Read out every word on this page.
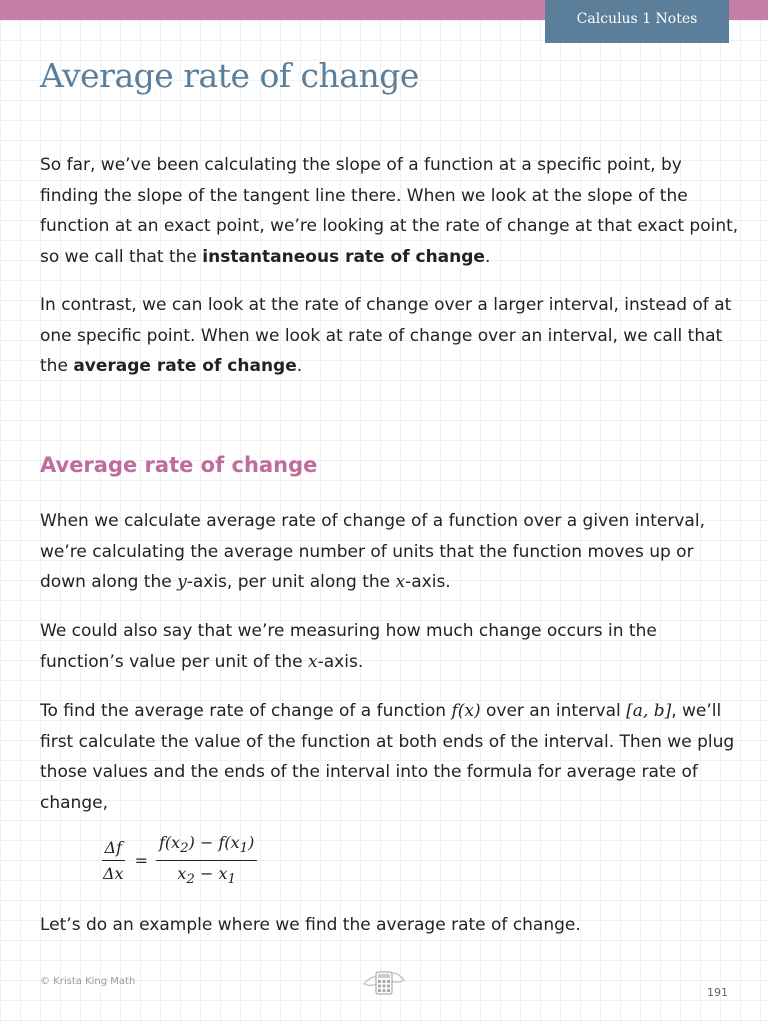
Calculus 1 Notes
Average rate of change

So far, we’ve been calculating the slope of a function at a specific point, by finding the slope of the tangent line there. When we look at the slope of the function at an exact point, we’re looking at the rate of change at that exact point, so we call that the instantaneous rate of change.

In contrast, we can look at the rate of change over a larger interval, instead of at one specific point. When we look at rate of change over an interval, we call that the average rate of change.

Average rate of change

When we calculate average rate of change of a function over a given interval, we’re calculating the average number of units that the function moves up or down along the y-axis, per unit along the x-axis.

We could also say that we’re measuring how much change occurs in the function’s value per unit of the x-axis.

To find the average rate of change of a function f(x) over an interval [a, b], we’ll first calculate the value of the function at both ends of the interval. Then we plug those values and the ends of the interval into the formula for average rate of change,

$\frac{\Delta f}{\Delta x} = \frac{f(x_2) - f(x_1)}{x_2 - x_1}$

Let’s do an example where we find the average rate of change.

© Krista King Math
191
